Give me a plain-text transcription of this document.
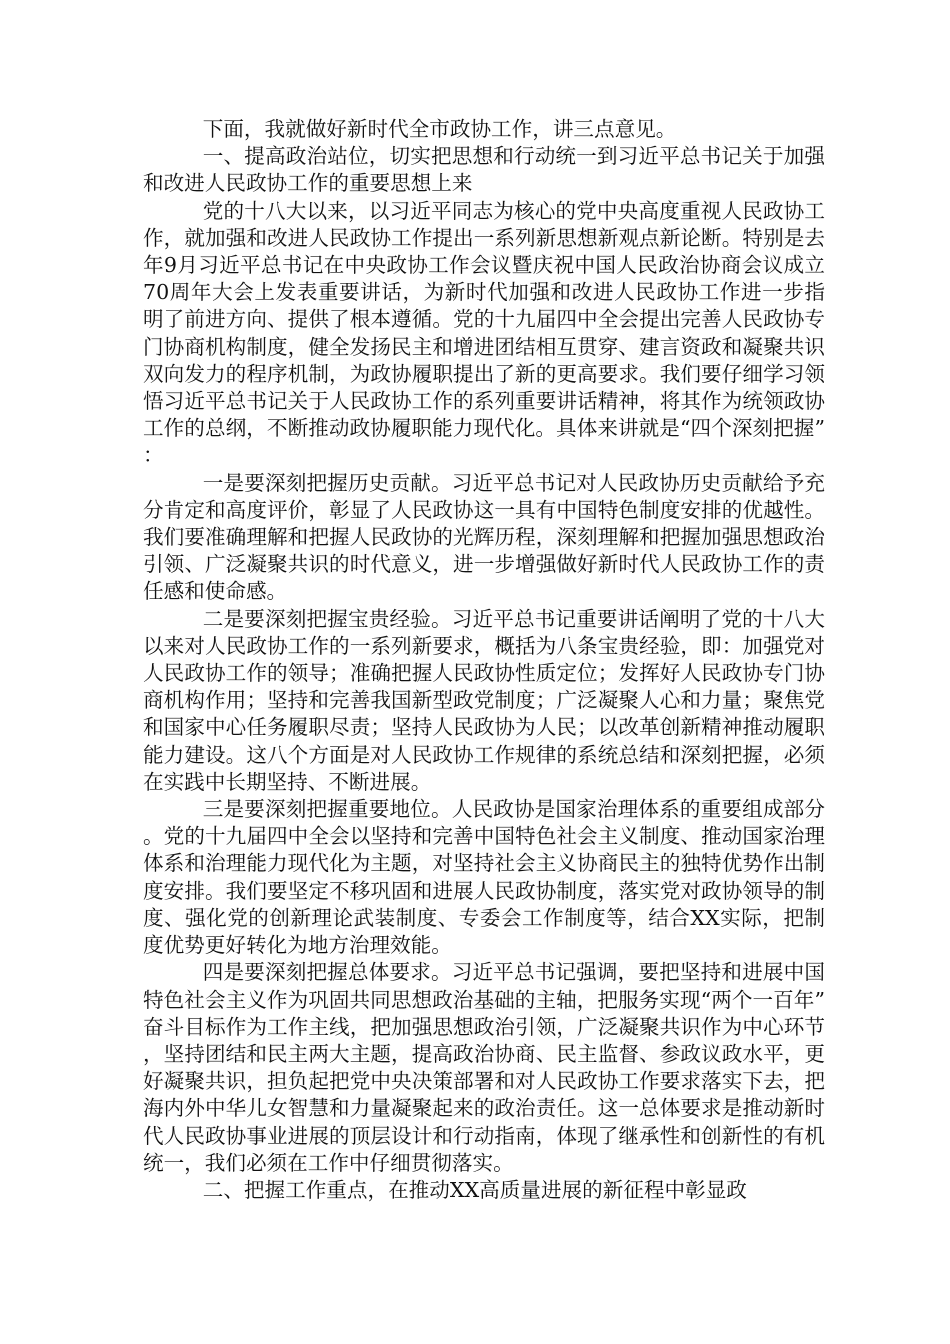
下面，我就做好新时代全市政协工作，讲三点意见。

一、提高政治站位，切实把思想和行动统一到习近平总书记关于加强和改进人民政协工作的重要思想上来

党的十八大以来，以习近平同志为核心的党中央高度重视人民政协工作，就加强和改进人民政协工作提出一系列新思想新观点新论断。特别是去年9月习近平总书记在中央政协工作会议暨庆祝中国人民政治协商会议成立70周年大会上发表重要讲话，为新时代加强和改进人民政协工作进一步指明了前进方向、提供了根本遵循。党的十九届四中全会提出完善人民政协专门协商机构制度，健全发扬民主和增进团结相互贯穿、建言资政和凝聚共识双向发力的程序机制，为政协履职提出了新的更高要求。我们要仔细学习领悟习近平总书记关于人民政协工作的系列重要讲话精神，将其作为统领政协工作的总纲，不断推动政协履职能力现代化。具体来讲就是“四个深刻把握”：

一是要深刻把握历史贡献。习近平总书记对人民政协历史贡献给予充分肯定和高度评价，彰显了人民政协这一具有中国特色制度安排的优越性。我们要准确理解和把握人民政协的光辉历程，深刻理解和把握加强思想政治引领、广泛凝聚共识的时代意义，进一步增强做好新时代人民政协工作的责任感和使命感。

二是要深刻把握宝贵经验。习近平总书记重要讲话阐明了党的十八大以来对人民政协工作的一系列新要求，概括为八条宝贵经验，即：加强党对人民政协工作的领导；准确把握人民政协性质定位；发挥好人民政协专门协商机构作用；坚持和完善我国新型政党制度；广泛凝聚人心和力量；聚焦党和国家中心任务履职尽责；坚持人民政协为人民；以改革创新精神推动履职能力建设。这八个方面是对人民政协工作规律的系统总结和深刻把握，必须在实践中长期坚持、不断进展。

三是要深刻把握重要地位。人民政协是国家治理体系的重要组成部分。党的十九届四中全会以坚持和完善中国特色社会主义制度、推动国家治理体系和治理能力现代化为主题，对坚持社会主义协商民主的独特优势作出制度安排。我们要坚定不移巩固和进展人民政协制度，落实党对政协领导的制度、强化党的创新理论武装制度、专委会工作制度等，结合XX实际，把制度优势更好转化为地方治理效能。

四是要深刻把握总体要求。习近平总书记强调，要把坚持和进展中国特色社会主义作为巩固共同思想政治基础的主轴，把服务实现“两个一百年”奋斗目标作为工作主线，把加强思想政治引领，广泛凝聚共识作为中心环节，坚持团结和民主两大主题，提高政治协商、民主监督、参政议政水平，更好凝聚共识，担负起把党中央决策部署和对人民政协工作要求落实下去，把海内外中华儿女智慧和力量凝聚起来的政治责任。这一总体要求是推动新时代人民政协事业进展的顶层设计和行动指南，体现了继承性和创新性的有机统一，我们必须在工作中仔细贯彻落实。

二、把握工作重点，在推动XX高质量进展的新征程中彰显政
